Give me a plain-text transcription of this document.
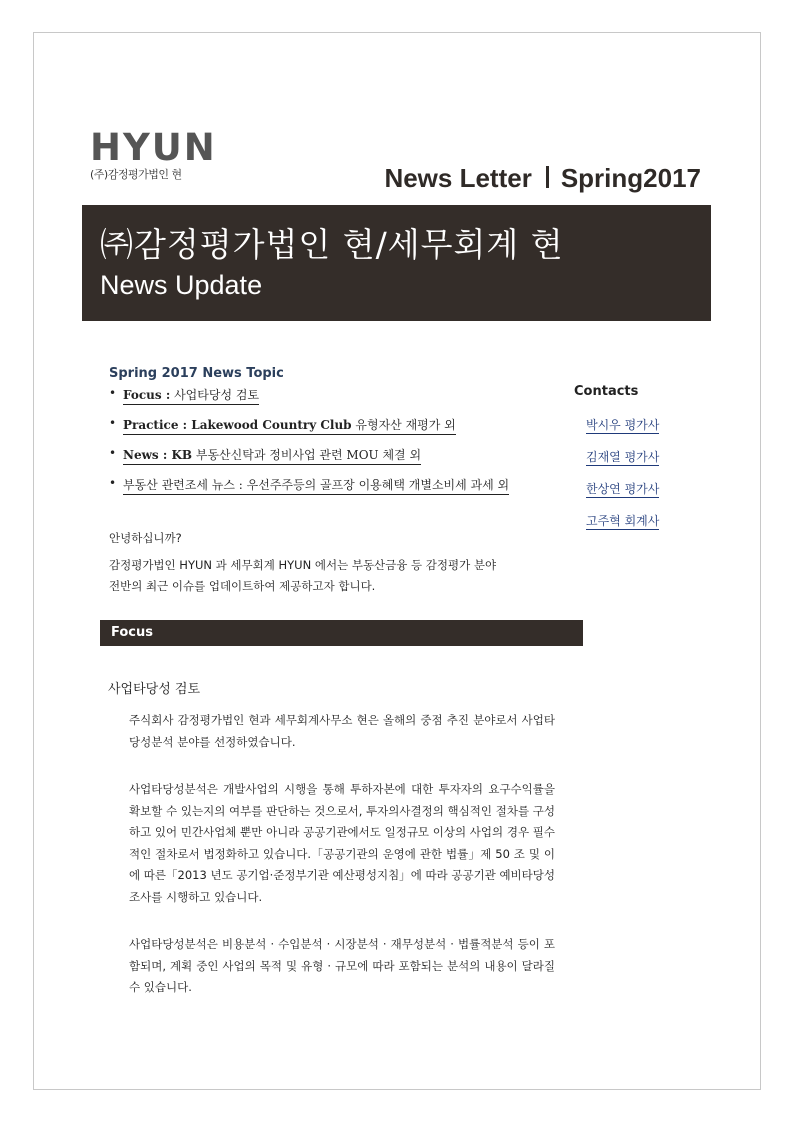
HYUN
(주)감정평가법인 현	News Letter Spring2017
㈜감정평가법인 현/세무회계 현
News Update
Spring 2017 News Topic
• Focus : 사업타당성 검토
• Practice : Lakewood Country Club 유형자산 재평가 외
• News : KB 부동산신탁과 정비사업 관련 MOU 체결 외
• 부동산 관련조세 뉴스 : 우선주주등의 골프장 이용혜택 개별소비세 과세 외
Contacts
박시우 평가사
김재열 평가사
한상연 평가사
고주혁 회계사
안녕하십니까?
감정평가법인 HYUN 과 세무회계 HYUN 에서는 부동산금융 등 감정평가 분야
전반의 최근 이슈를 업데이트하여 제공하고자 합니다.
Focus
사업타당성 검토
주식회사 감정평가법인 현과 세무회계사무소 현은 올해의 중점 추진 분야로서 사업타당성분석 분야를 선정하였습니다.
사업타당성분석은 개발사업의 시행을 통해 투하자본에 대한 투자자의 요구수익률을 확보할 수 있는지의 여부를 판단하는 것으로서, 투자의사결정의 핵심적인 절차를 구성하고 있어 민간사업체 뿐만 아니라 공공기관에서도 일정규모 이상의 사업의 경우 필수적인 절차로서 법정화하고 있습니다.「공공기관의 운영에 관한 법률」제 50 조 및 이에 따른「2013 년도 공기업·준정부기관 예산평성지침」에 따라 공공기관 예비타당성 조사를 시행하고 있습니다.
사업타당성분석은 비용분석 · 수입분석 · 시장분석 · 재무성분석 · 법률적분석 등이 포함되며, 계획 중인 사업의 목적 및 유형 · 규모에 따라 포함되는 분석의 내용이 달라질 수 있습니다.
